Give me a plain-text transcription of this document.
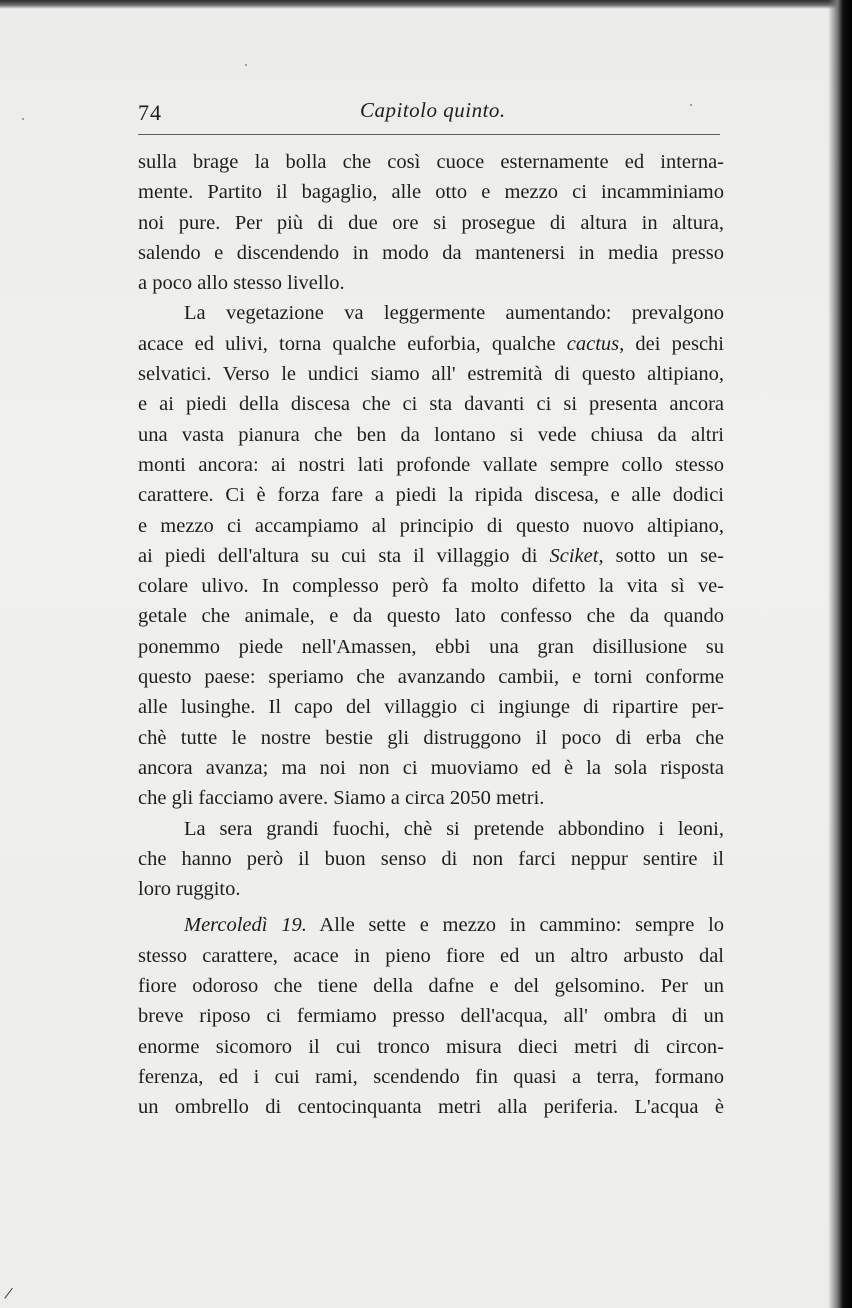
74	Capitolo quinto.
sulla brage la bolla che così cuoce esternamente ed interna-
mente. Partito il bagaglio, alle otto e mezzo ci incamminiamo
noi pure. Per più di due ore si prosegue di altura in altura,
salendo e discendendo in modo da mantenersi in media presso
a poco allo stesso livello.
La vegetazione va leggermente aumentando: prevalgono
acace ed ulivi, torna qualche euforbia, qualche cactus, dei peschi
selvatici. Verso le undici siamo all' estremità di questo altipiano,
e ai piedi della discesa che ci sta davanti ci si presenta ancora
una vasta pianura che ben da lontano si vede chiusa da altri
monti ancora: ai nostri lati profonde vallate sempre collo stesso
carattere. Ci è forza fare a piedi la ripida discesa, e alle dodici
e mezzo ci accampiamo al principio di questo nuovo altipiano,
ai piedi dell'altura su cui sta il villaggio di Sciket, sotto un se-
colare ulivo. In complesso però fa molto difetto la vita sì ve-
getale che animale, e da questo lato confesso che da quando
ponemmo piede nell'Amassen, ebbi una gran disillusione su
questo paese: speriamo che avanzando cambii, e torni conforme
alle lusinghe. Il capo del villaggio ci ingiunge di ripartire per-
chè tutte le nostre bestie gli distruggono il poco di erba che
ancora avanza; ma noi non ci muoviamo ed è la sola risposta
che gli facciamo avere. Siamo a circa 2050 metri.
La sera grandi fuochi, chè si pretende abbondino i leoni,
che hanno però il buon senso di non farci neppur sentire il
loro ruggito.
Mercoledì 19. Alle sette e mezzo in cammino: sempre lo
stesso carattere, acace in pieno fiore ed un altro arbusto dal
fiore odoroso che tiene della dafne e del gelsomino. Per un
breve riposo ci fermiamo presso dell'acqua, all' ombra di un
enorme sicomoro il cui tronco misura dieci metri di circon-
ferenza, ed i cui rami, scendendo fin quasi a terra, formano
un ombrello di centocinquanta metri alla periferia. L'acqua è
/
